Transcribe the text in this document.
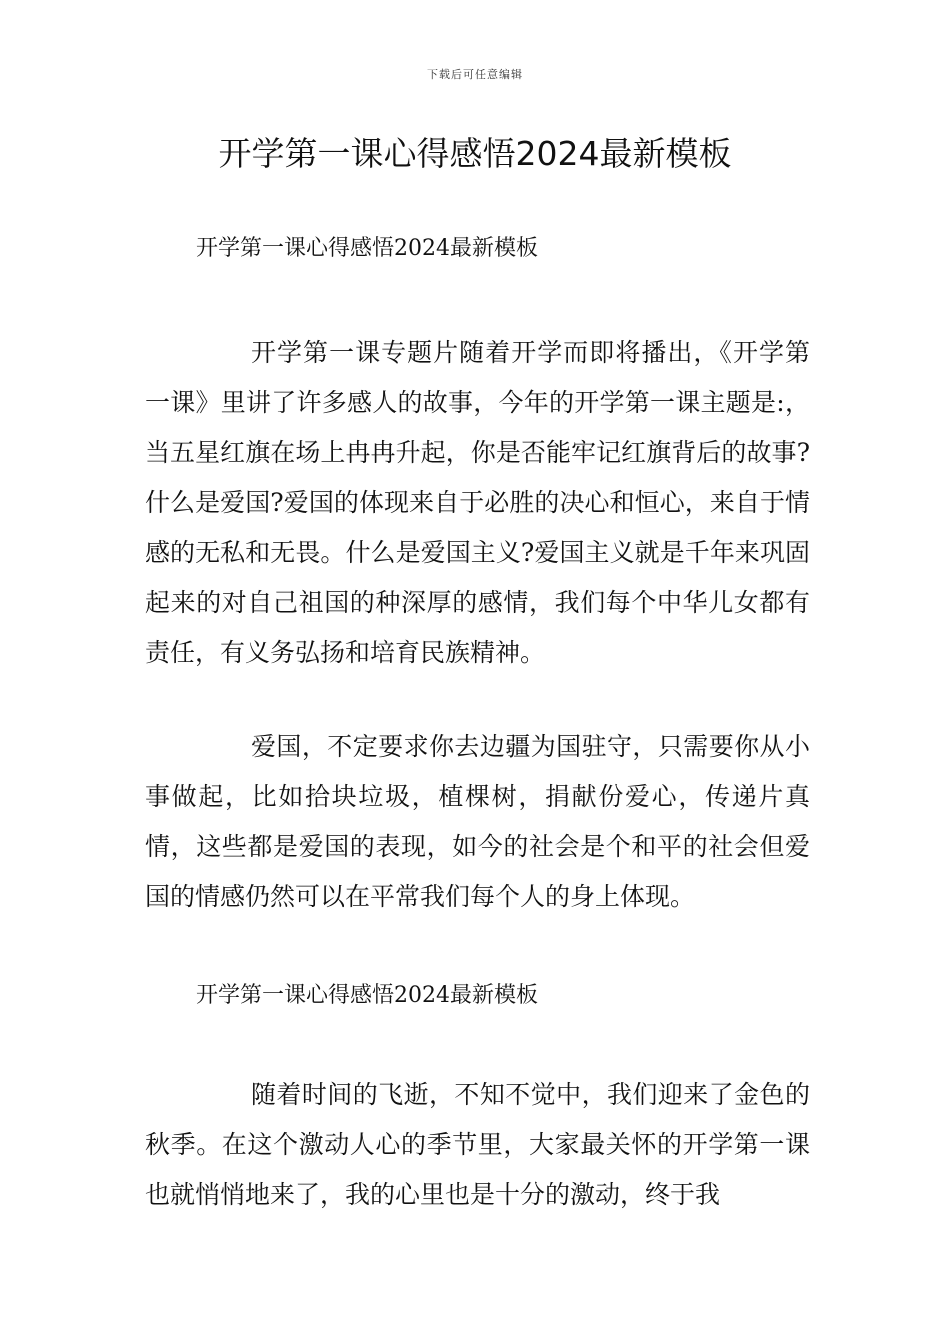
下载后可任意编辑
开学第一课心得感悟2024最新模板
开学第一课心得感悟2024最新模板

开学第一课专题片随着开学而即将播出，《开学第一课》里讲了许多感人的故事，今年的开学第一课主题是:，当五星红旗在场上冉冉升起，你是否能牢记红旗背后的故事?什么是爱国?爱国的体现来自于必胜的决心和恒心，来自于情感的无私和无畏。什么是爱国主义?爱国主义就是千年来巩固起来的对自己祖国的种深厚的感情，我们每个中华儿女都有责任，有义务弘扬和培育民族精神。

爱国，不定要求你去边疆为国驻守，只需要你从小事做起，比如拾块垃圾，植棵树，捐献份爱心，传递片真情，这些都是爱国的表现，如今的社会是个和平的社会但爱国的情感仍然可以在平常我们每个人的身上体现。

开学第一课心得感悟2024最新模板

随着时间的飞逝，不知不觉中，我们迎来了金色的秋季。在这个激动人心的季节里，大家最关怀的开学第一课也就悄悄地来了，我的心里也是十分的激动，终于我
